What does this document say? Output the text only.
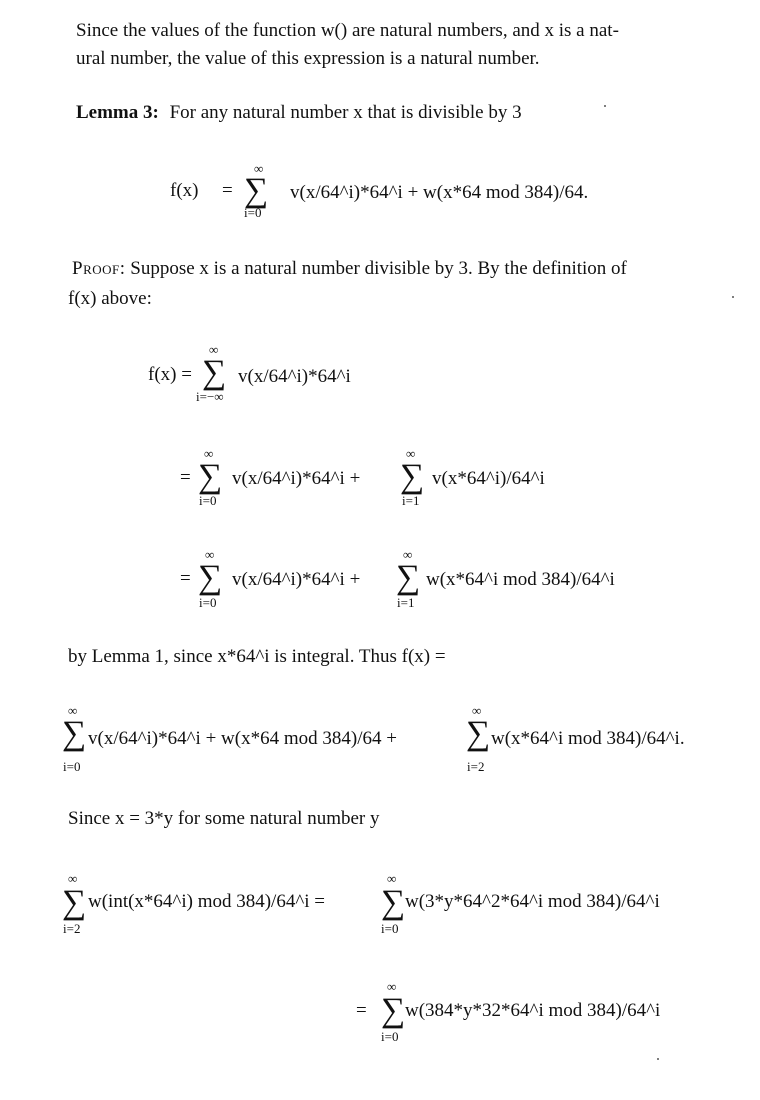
Since the values of the function w() are natural numbers, and x is a nat-
ural number, the value of this expression is a natural number.
Lemma 3: For any natural number x that is divisible by 3
f(x) =
∞
∑
i=0
v(x/64^i)*64^i + w(x*64 mod 384)/64.
Proof: Suppose x is a natural number divisible by 3. By the definition of
f(x) above:
f(x) =
∞
∑
i=−∞
v(x/64^i)*64^i
=
∞
∑
i=0
v(x/64^i)*64^i +
∞
∑
i=1
v(x*64^i)/64^i
=
∞
∑
i=0
v(x/64^i)*64^i +
∞
∑
i=1
w(x*64^i mod 384)/64^i
by Lemma 1, since x*64^i is integral. Thus f(x) =
∞
∑
i=0
v(x/64^i)*64^i + w(x*64 mod 384)/64 +
∞
∑
i=2
w(x*64^i mod 384)/64^i.
Since x = 3*y for some natural number y
∞
∑
i=2
w(int(x*64^i) mod 384)/64^i =
∞
∑
i=0
w(3*y*64^2*64^i mod 384)/64^i
=
∞
∑
i=0
w(384*y*32*64^i mod 384)/64^i
